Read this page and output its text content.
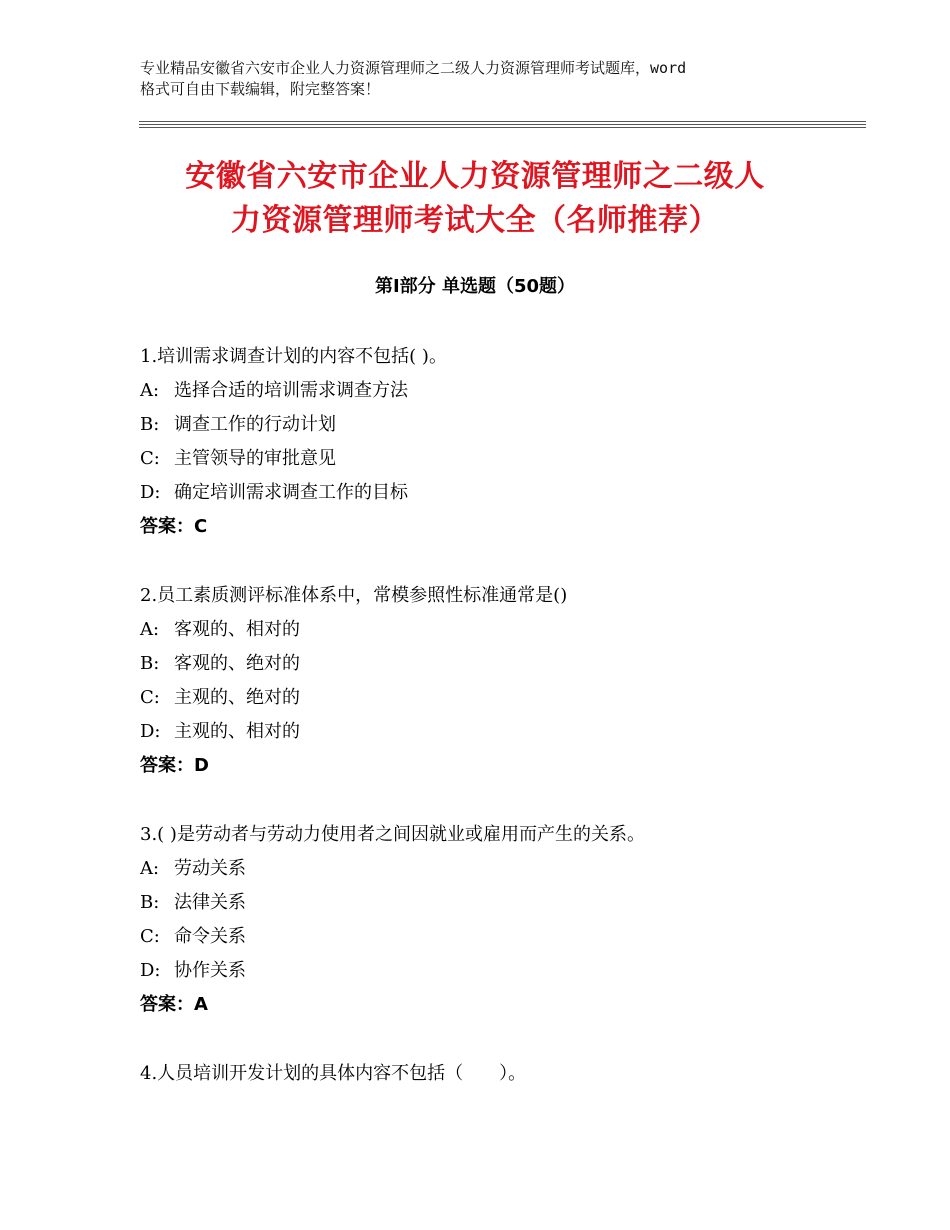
专业精品安徽省六安市企业人力资源管理师之二级人力资源管理师考试题库，word
格式可自由下载编辑，附完整答案！
安徽省六安市企业人力资源管理师之二级人
力资源管理师考试大全（名师推荐）
第Ⅰ部分 单选题（50题）
1.培训需求调查计划的内容不包括( )。
A: 选择合适的培训需求调查方法
B: 调查工作的行动计划
C: 主管领导的审批意见
D: 确定培训需求调查工作的目标
答案：C
2.员工素质测评标准体系中，常模参照性标准通常是()
A: 客观的、相对的
B: 客观的、绝对的
C: 主观的、绝对的
D: 主观的、相对的
答案：D
3.( )是劳动者与劳动力使用者之间因就业或雇用而产生的关系。
A: 劳动关系
B: 法律关系
C: 命令关系
D: 协作关系
答案：A
4.人员培训开发计划的具体内容不包括（　　）。
